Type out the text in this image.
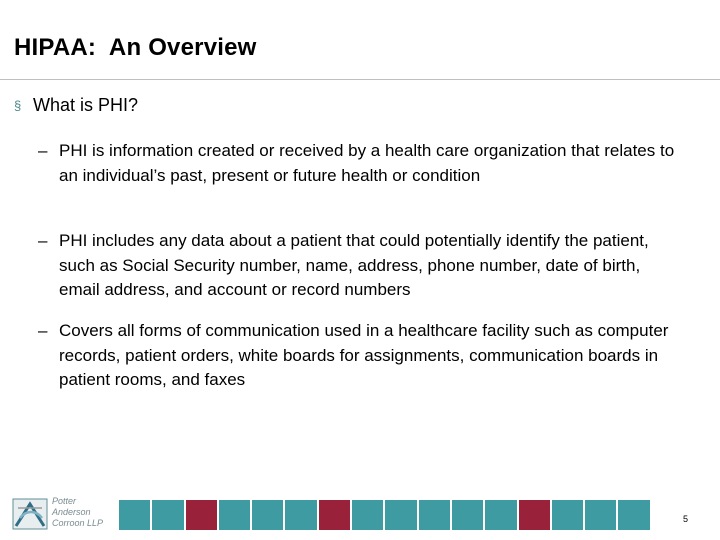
HIPAA:  An Overview
§ What is PHI?
– PHI is information created or received by a health care organization that relates to an individual’s past, present or future health or condition
– PHI includes any data about a patient that could potentially identify the patient, such as Social Security number, name, address, phone number, date of birth, email address, and account or record numbers
– Covers all forms of communication used in a healthcare facility such as computer records, patient orders, white boards for assignments, communication boards in patient rooms, and faxes
Potter
Anderson
Corroon LLP	5
